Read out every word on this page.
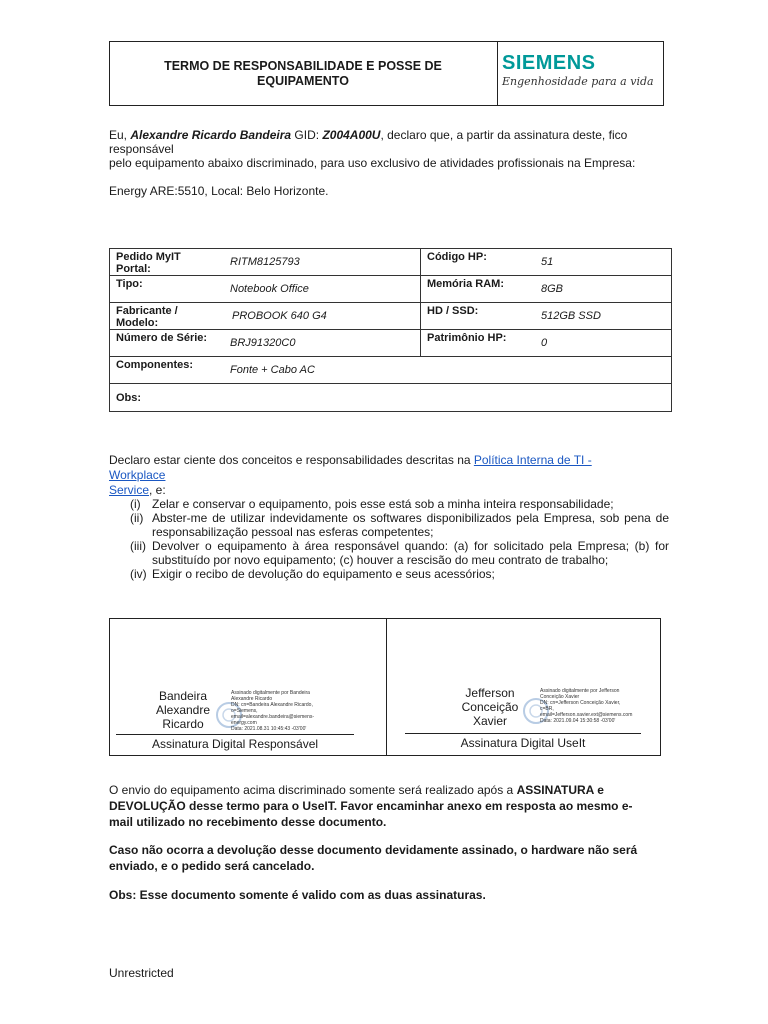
TERMO DE RESPONSABILIDADE E POSSE DE EQUIPAMENTO
SIEMENS
Engenhosidade para a vida
Eu, Alexandre Ricardo Bandeira GID: Z004A00U, declaro que, a partir da assinatura deste, fico responsável
pelo equipamento abaixo discriminado, para uso exclusivo de atividades profissionais na Empresa:
Energy ARE:5510, Local: Belo Horizonte.
Pedido MyIT Portal:	RITM8125793	Código HP:	51

Tipo:	Notebook Office	Memória RAM:	8GB

Fabricante / Modelo:	PROBOOK 640 G4	HD / SSD:	512GB SSD

Número de Série:	BRJ91320C0	Patrimônio HP:	0

Componentes:	Fonte + Cabo AC		

Obs:			
Declaro estar ciente dos conceitos e responsabilidades descritas na Política Interna de TI - Workplace
Service, e:
(i) Zelar e conservar o equipamento, pois esse está sob a minha inteira responsabilidade;
(ii) Abster-me de utilizar indevidamente os softwares disponibilizados pela Empresa, sob pena de responsabilização pessoal nas esferas competentes;
(iii) Devolver o equipamento à área responsável quando: (a) for solicitado pela Empresa; (b) for substituído por novo equipamento; (c) houver a rescisão do meu contrato de trabalho;
(iv) Exigir o recibo de devolução do equipamento e seus acessórios;
Bandeira
Alexandre
Ricardo
Assinado digitalmente por Bandeira
Alexandre Ricardo
DN: cn=Bandeira Alexandre Ricardo,
o=Siemens,
email=alexandre.bandeira@siemens-
energy.com
Data: 2021.08.31 10:45:43 -03'00'
Assinatura Digital Responsável
Jefferson
Conceição
Xavier
Assinado digitalmente por Jefferson
Conceição Xavier
DN: cn=Jefferson Conceição Xavier,
c=BR,
email=Jefferson.xavier.ext@siemens.com
Data: 2021.09.04 15:30:58 -03'00'
Assinatura Digital UseIt
O envio do equipamento acima discriminado somente será realizado após a ASSINATURA e DEVOLUÇÃO desse termo para o UseIT. Favor encaminhar anexo em resposta ao mesmo e-mail utilizado no recebimento desse documento.
Caso não ocorra a devolução desse documento devidamente assinado, o hardware não será enviado, e o pedido será cancelado.
Obs: Esse documento somente é valido com as duas assinaturas.
Unrestricted
